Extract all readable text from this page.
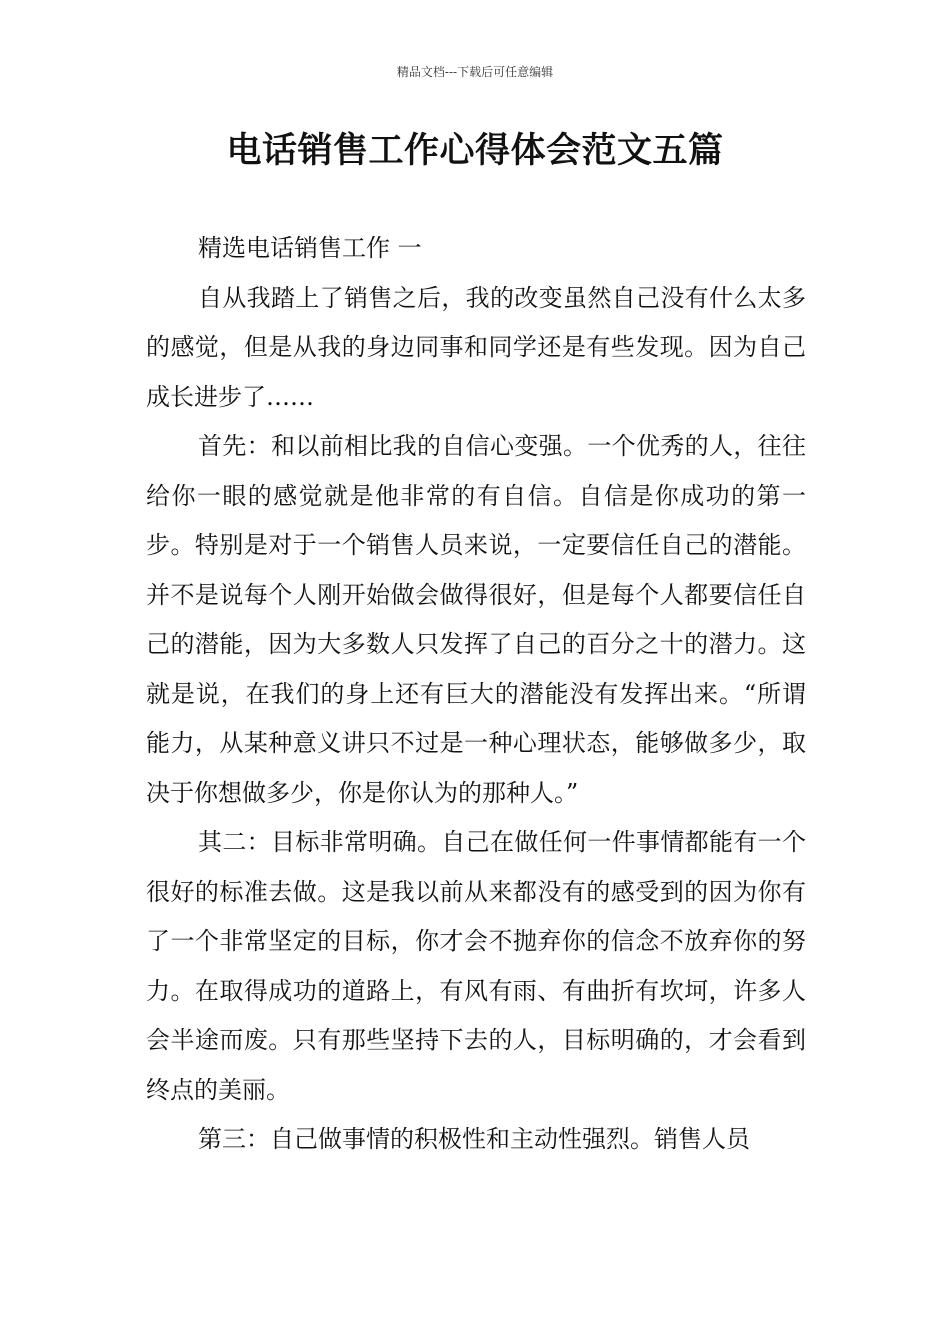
精品文档---下载后可任意编辑
电话销售工作心得体会范文五篇

精选电话销售工作 一

自从我踏上了销售之后，我的改变虽然自己没有什么太多的感觉，但是从我的身边同事和同学还是有些发现。因为自己成长进步了……

首先：和以前相比我的自信心变强。一个优秀的人，往往给你一眼的感觉就是他非常的有自信。自信是你成功的第一步。特别是对于一个销售人员来说，一定要信任自己的潜能。并不是说每个人刚开始做会做得很好，但是每个人都要信任自己的潜能，因为大多数人只发挥了自己的百分之十的潜力。这就是说，在我们的身上还有巨大的潜能没有发挥出来。“所谓能力，从某种意义讲只不过是一种心理状态，能够做多少，取决于你想做多少，你是你认为的那种人。”

其二：目标非常明确。自己在做任何一件事情都能有一个很好的标准去做。这是我以前从来都没有的感受到的因为你有了一个非常坚定的目标，你才会不抛弃你的信念不放弃你的努力。在取得成功的道路上，有风有雨、有曲折有坎坷，许多人会半途而废。只有那些坚持下去的人，目标明确的，才会看到终点的美丽。

第三：自己做事情的积极性和主动性强烈。销售人员
